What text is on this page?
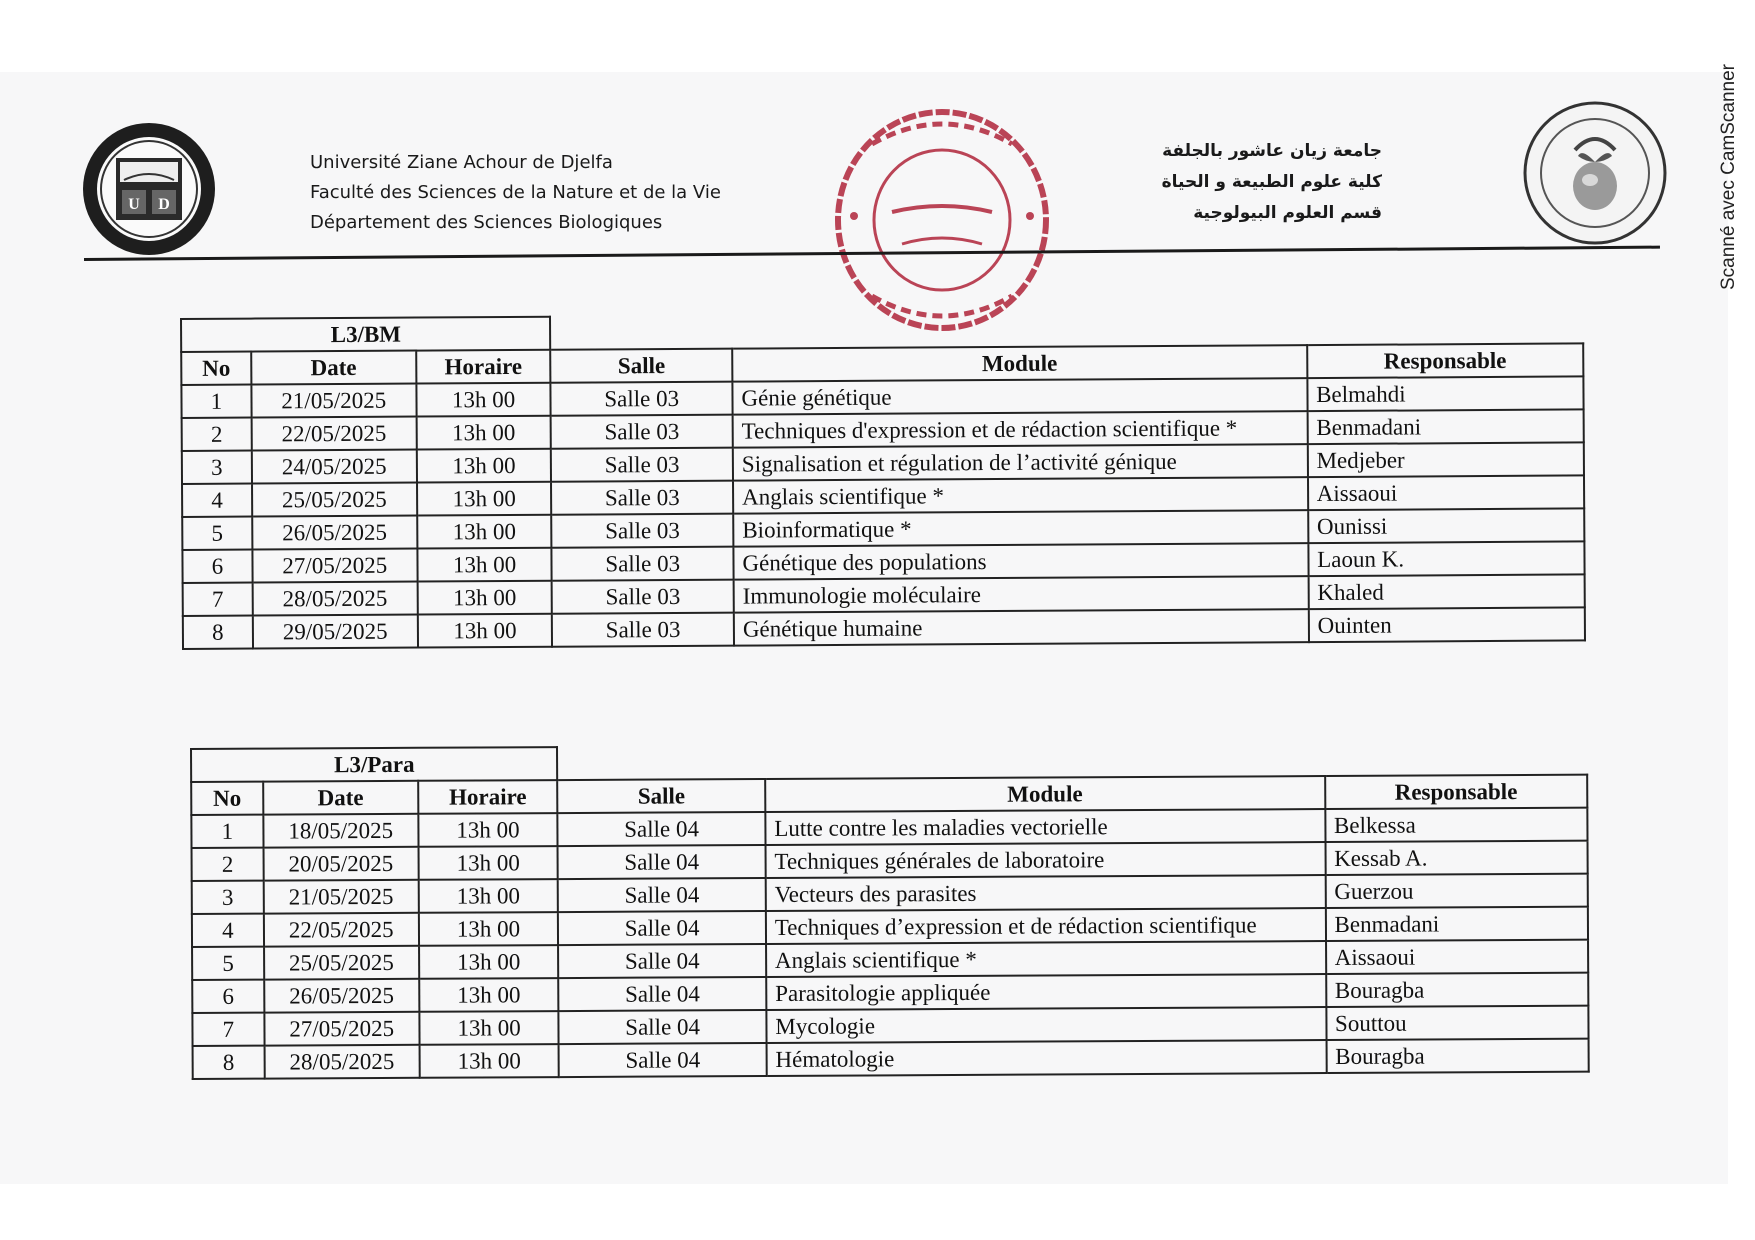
Scanné avec CamScanner
U D
Université Ziane Achour de Djelfa
Faculté des Sciences de la Nature et de la Vie
Département des Sciences Biologiques
جامعة زيان عاشور بالجلفة
كلية علوم الطبيعة و الحياة
قسم العلوم البيولوجية
L3/BM					
No	Date	Horaire	Salle	Module	Responsable
1	21/05/2025	13h 00	Salle 03	Génie génétique	Belmahdi
2	22/05/2025	13h 00	Salle 03	Techniques d'expression et de rédaction scientifique *	Benmadani
3	24/05/2025	13h 00	Salle 03	Signalisation et régulation de l’activité génique	Medjeber
4	25/05/2025	13h 00	Salle 03	Anglais scientifique *	Aissaoui
5	26/05/2025	13h 00	Salle 03	Bioinformatique *	Ounissi
6	27/05/2025	13h 00	Salle 03	Génétique des populations	Laoun K.
7	28/05/2025	13h 00	Salle 03	Immunologie moléculaire	Khaled
8	29/05/2025	13h 00	Salle 03	Génétique humaine	Ouinten
L3/Para					
No	Date	Horaire	Salle	Module	Responsable
1	18/05/2025	13h 00	Salle 04	Lutte contre les maladies vectorielle	Belkessa
2	20/05/2025	13h 00	Salle 04	Techniques générales de laboratoire	Kessab A.
3	21/05/2025	13h 00	Salle 04	Vecteurs des parasites	Guerzou
4	22/05/2025	13h 00	Salle 04	Techniques d’expression et de rédaction scientifique	Benmadani
5	25/05/2025	13h 00	Salle 04	Anglais scientifique *	Aissaoui
6	26/05/2025	13h 00	Salle 04	Parasitologie appliquée	Bouragba
7	27/05/2025	13h 00	Salle 04	Mycologie	Souttou
8	28/05/2025	13h 00	Salle 04	Hématologie	Bouragba
